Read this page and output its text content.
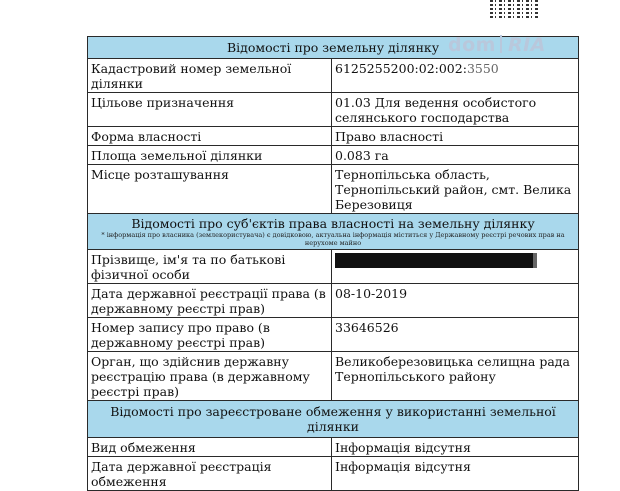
Відомості про земельну ділянку	
Кадастровий номер земельної ділянки	6125255200:02:002:3550
Цільове призначення	01.03 Для ведення особистого селянського господарства
Форма власності	Право власності
Площа земельної ділянки	0.083 га
Місце розташування	Тернопільська область, Тернопільський район, смт. Велика Березовиця

Відомості про суб'єктів права власності на земельну ділянку
* інформація про власника (землекористувача) є довідковою, актуальна інформація міститься у Державному реєстрі речових прав на нерухоме майно	

Прізвище, ім'я та по батькові фізичної особи	
Дата державної реєстрації права (в державному реєстрі прав)	08-10-2019
Номер запису про право (в державному реєстрі прав)	33646526
Орган, що здійснив державну реєстрацію права (в державному реєстрі прав)	Великоберезовицька селищна рада Тернопільського району
Відомості про зареєстроване обмеження у використанні земельної ділянки	
Вид обмеження	Інформація відсутня
Дата державної реєстрація обмеження	Інформація відсутня
dom RIA
